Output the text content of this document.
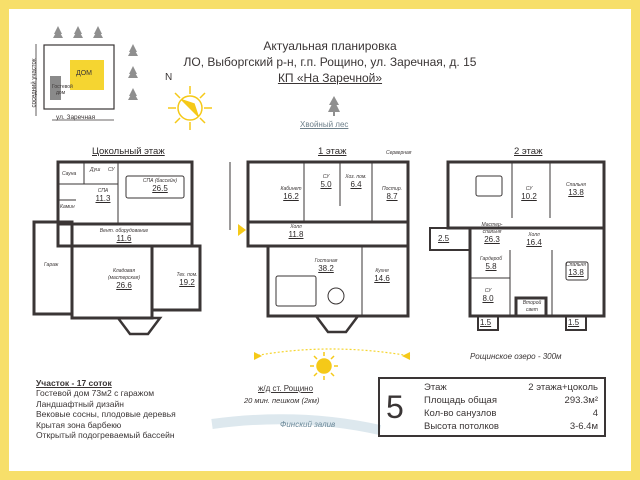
Актуальная планировка
ЛО, Выборгский р-н, г.п. Рощино, ул. Заречная, д. 15
КП «На Заречной»
ДОМ
Гостевой
дом
ул. Заречная
соседний участок	N
Хвойный лес
Цокольный этаж	1 этаж	2 этаж
Сауна
Душ СУ
Камин
СПА
11.3
СПА (бассейн)
26.5
Вент. оборудование
11.6
Гараж
Кладовая (мастерская)
26.6
Тех. пом.
19.2
Серверная
Кабинет
16.2
СУ
5.0
Хоз. пом.
6.4	Постир.
8.7
Холл
11.8
Гостиная
38.2	Кухня
14.6
СУ
10.2
Спальня
13.8
2.5
Мастер-спальня
26.3	Холл
16.4
Гардероб
5.8	Спальня
13.8
СУ
8.0	Второй свет
1.5	1.5
Рощинское озеро - 300м
ж/д ст. Рощино
20 мин. пешком (2км)
Финский залив
Участок - 17 соток
Гостевой дом 73м2 с гаражом
Ландшафтный дизайн
Вековые сосны, плодовые деревья
Крытая зона барбекю
Открытый подогреваемый бассейн
5
Этаж	2 этажа+цоколь
Площадь общая	293.3м²
Кол-во санузлов	4
Высота потолков	3-6.4м
